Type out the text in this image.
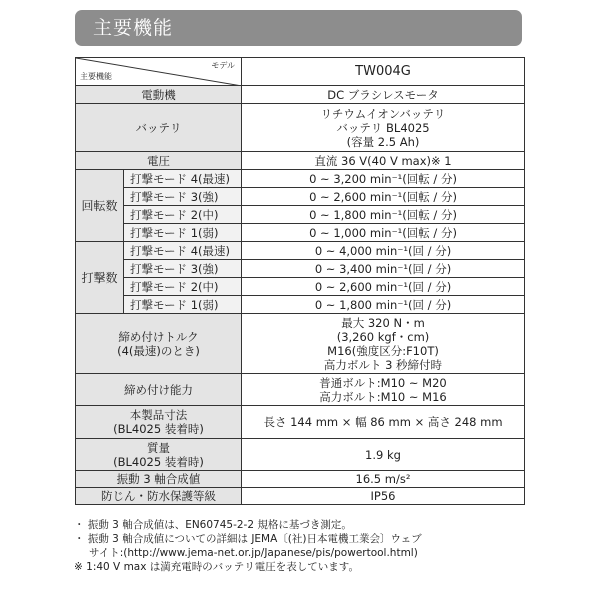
主要機能
モデル
主要機能		TW004G
電動機		DC ブラシレスモータ
バッテリ		リチウムイオンバッテリ
バッテリ BL4025
(容量 2.5 Ah)

電圧		直流 36 V(40 V max)※ 1
回転数	打撃モード 4(最速)	0 ~ 3,200 min⁻¹(回転 / 分)
	打撃モード 3(強)	0 ~ 2,600 min⁻¹(回転 / 分)
	打撃モード 2(中)	0 ~ 1,800 min⁻¹(回転 / 分)
	打撃モード 1(弱)	0 ~ 1,000 min⁻¹(回転 / 分)
打撃数	打撃モード 4(最速)	0 ~ 4,000 min⁻¹(回 / 分)
	打撃モード 3(強)	0 ~ 3,400 min⁻¹(回 / 分)
	打撃モード 2(中)	0 ~ 2,600 min⁻¹(回 / 分)
	打撃モード 1(弱)	0 ~ 1,800 min⁻¹(回 / 分)

締め付けトルク
(4(最速)のとき)		最大 320 N・m
(3,260 kgf・cm)
M16(強度区分:F10T)
高力ボルト 3 秒締付時

締め付け能力		普通ボルト:M10 ~ M20
高力ボルト:M10 ~ M16

本製品寸法
(BL4025 装着時)		長さ 144 mm × 幅 86 mm × 高さ 248 mm

質量
(BL4025 装着時)		1.9 kg
振動 3 軸合成値		16.5 m/s²
防じん・防水保護等級		IP56
・ 振動 3 軸合成値は、EN60745-2-2 規格に基づき測定。
・ 振動 3 軸合成値についての詳細は JEMA〔(社)日本電機工業会〕ウェブ
サイト:(http://www.jema-net.or.jp/Japanese/pis/powertool.html)
※ 1:40 V max は満充電時のバッテリ電圧を表しています。
